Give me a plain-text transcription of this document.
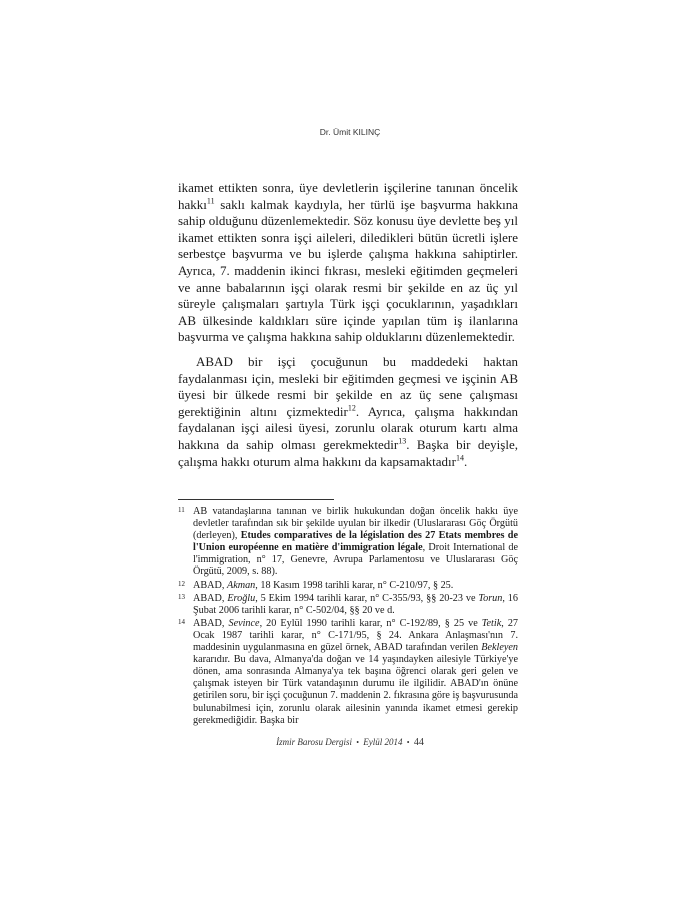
Dr. Ümit KILINÇ

ikamet ettikten sonra, üye devletlerin işçilerine tanınan öncelik hakkı$^{11}$ saklı kalmak kaydıyla, her türlü işe başvurma hakkına sahip olduğunu düzenlemektedir. Söz konusu üye devlette beş yıl ikamet ettikten sonra işçi aileleri, diledikleri bütün ücretli işlere serbestçe başvurma ve bu işlerde çalışma hakkına sahiptirler. Ayrıca, 7. maddenin ikinci fıkrası, mesleki eğitimden geçmeleri ve anne babalarının işçi olarak resmi bir şekilde en az üç yıl süreyle çalışmaları şartıyla Türk işçi çocuklarının, yaşadıkları AB ülkesinde kaldıkları süre içinde yapılan tüm iş ilanlarına başvurma ve çalışma hakkına sahip olduklarını düzenlemektedir.

ABAD bir işçi çocuğunun bu maddedeki haktan faydalanması için, mesleki bir eğitimden geçmesi ve işçinin AB üyesi bir ülkede resmi bir şekilde en az üç sene çalışması gerektiğinin altını çizmektedir$^{12}$. Ayrıca, çalışma hakkından faydalanan işçi ailesi üyesi, zorunlu olarak oturum kartı alma hakkına da sahip olması gerekmektedir$^{13}$. Başka bir deyişle, çalışma hakkı oturum alma hakkını da kapsamaktadır$^{14}$.

11 AB vatandaşlarına tanınan ve birlik hukukundan doğan öncelik hakkı üye devletler tarafından sık bir şekilde uyulan bir ilkedir (Uluslararası Göç Örgütü (derleyen), Etudes comparatives de la législation des 27 Etats membres de l'Union européenne en matière d'immigration légale, Droit International de l'immigration, n° 17, Genevre, Avrupa Parlamentosu ve Uluslararası Göç Örgütü, 2009, s. 88).
12 ABAD, Akman, 18 Kasım 1998 tarihli karar, n° C-210/97, § 25.
13 ABAD, Eroğlu, 5 Ekim 1994 tarihli karar, n° C-355/93, §§ 20-23 ve Torun, 16 Şubat 2006 tarihli karar, n° C-502/04, §§ 20 ve d.
14 ABAD, Sevince, 20 Eylül 1990 tarihli karar, n° C-192/89, § 25 ve Tetik, 27 Ocak 1987 tarihli karar, n° C-171/95, § 24. Ankara Anlaşması'nın 7. maddesinin uygulanmasına en güzel örnek, ABAD tarafından verilen Bekleyen kararıdır. Bu dava, Almanya'da doğan ve 14 yaşındayken ailesiyle Türkiye'ye dönen, ama sonrasında Almanya'ya tek başına öğrenci olarak geri gelen ve çalışmak isteyen bir Türk vatandaşının durumu ile ilgilidir. ABAD'ın önüne getirilen soru, bir işçi çocuğunun 7. maddenin 2. fıkrasına göre iş başvurusunda bulunabilmesi için, zorunlu olarak ailesinin yanında ikamet etmesi gerekip gerekmediğidir. Başka bir
İzmir Barosu Dergisi • Eylül 2014 • 44
